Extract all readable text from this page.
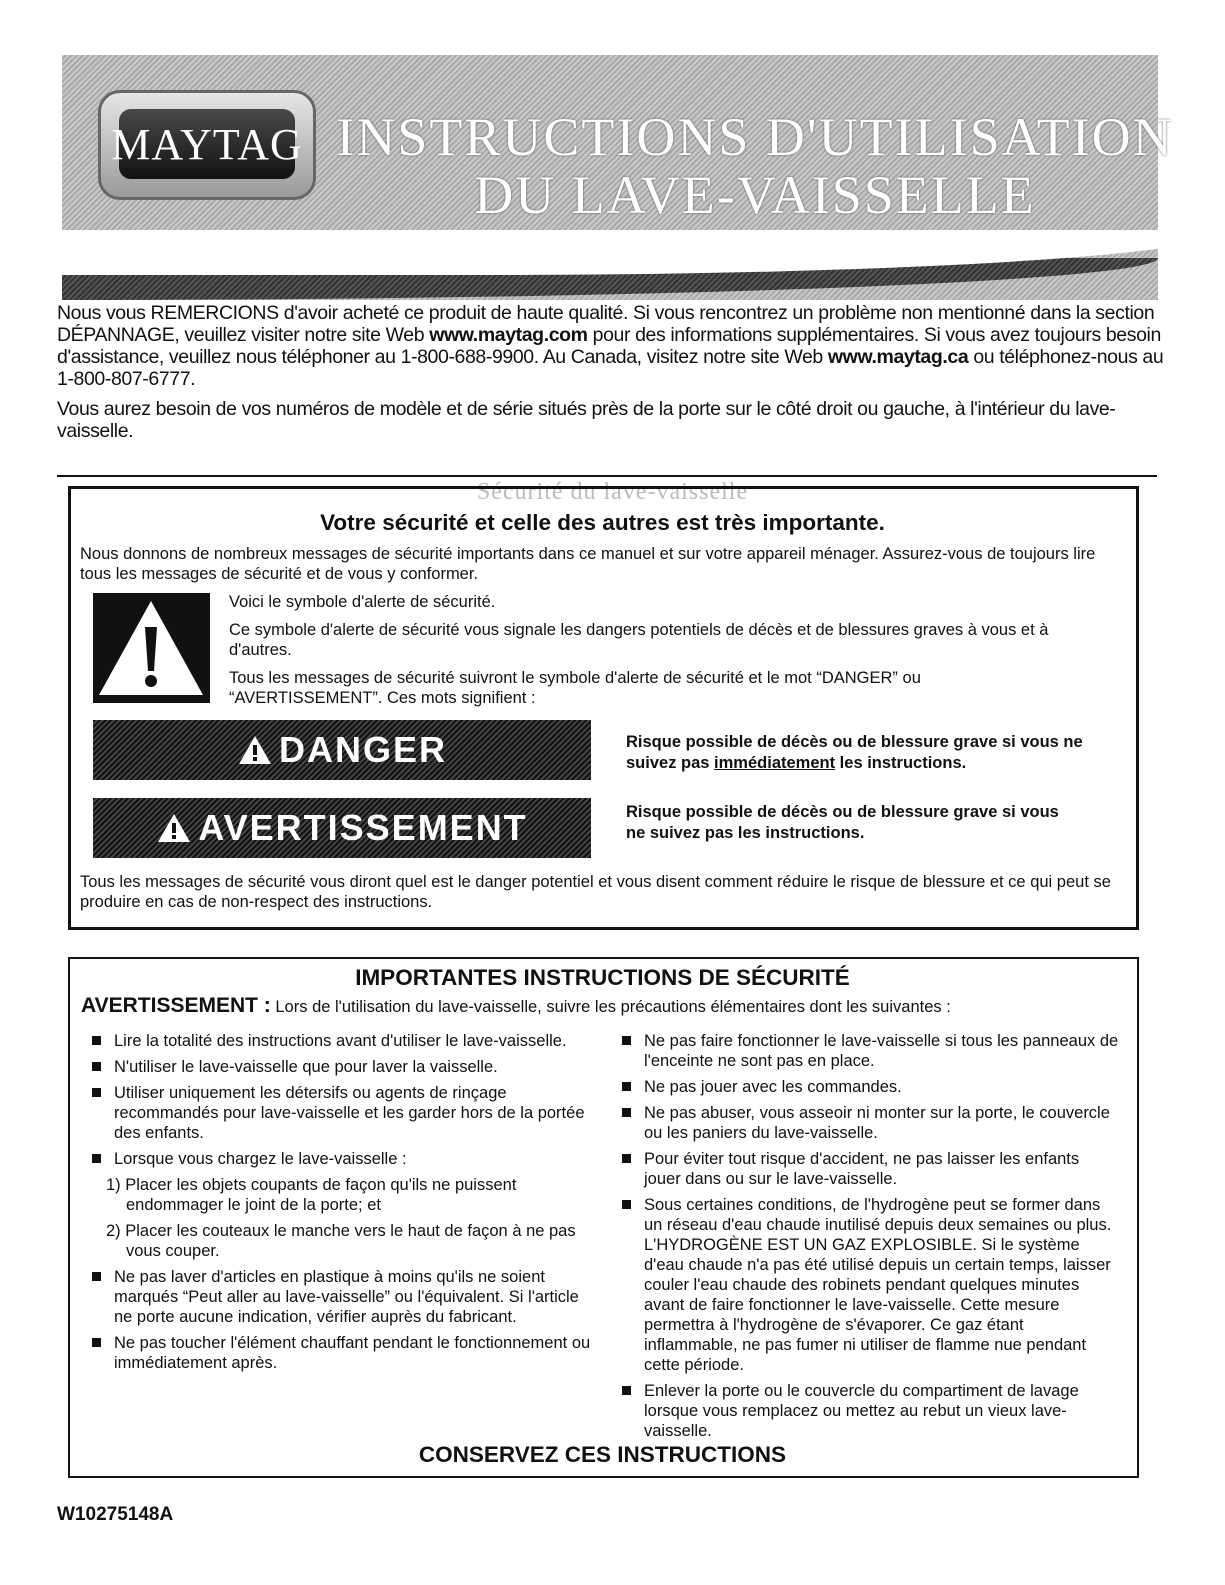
MAYTAG INSTRUCTIONS D'UTILISATION
DU LAVE-VAISSELLE

Nous vous REMERCIONS d'avoir acheté ce produit de haute qualité. Si vous rencontrez un problème non mentionné dans la section DÉPANNAGE, veuillez visiter notre site Web www.maytag.com pour des informations supplémentaires. Si vous avez toujours besoin d'assistance, veuillez nous téléphoner au 1-800-688-9900. Au Canada, visitez notre site Web www.maytag.ca ou téléphonez-nous au 1-800-807-6777.

Vous aurez besoin de vos numéros de modèle et de série situés près de la porte sur le côté droit ou gauche, à l'intérieur du lave-vaisselle.

Sécurité du lave-vaisselle
Votre sécurité et celle des autres est très importante.

Nous donnons de nombreux messages de sécurité importants dans ce manuel et sur votre appareil ménager. Assurez-vous de toujours lire tous les messages de sécurité et de vous y conformer.

Voici le symbole d'alerte de sécurité.

Ce symbole d'alerte de sécurité vous signale les dangers potentiels de décès et de blessures graves à vous et à d'autres.

Tous les messages de sécurité suivront le symbole d'alerte de sécurité et le mot “DANGER” ou “AVERTISSEMENT”. Ces mots signifient :

DANGER	Risque possible de décès ou de blessure grave si vous ne suivez pas immédiatement les instructions.

AVERTISSEMENT	Risque possible de décès ou de blessure grave si vous ne suivez pas les instructions.

Tous les messages de sécurité vous diront quel est le danger potentiel et vous disent comment réduire le risque de blessure et ce qui peut se produire en cas de non-respect des instructions.

IMPORTANTES INSTRUCTIONS DE SÉCURITÉ
AVERTISSEMENT : Lors de l'utilisation du lave-vaisselle, suivre les précautions élémentaires dont les suivantes :
Lire la totalité des instructions avant d'utiliser le lave-vaisselle.
N'utiliser le lave-vaisselle que pour laver la vaisselle.
Utiliser uniquement les détersifs ou agents de rinçage recommandés pour lave-vaisselle et les garder hors de la portée des enfants.
Lorsque vous chargez le lave-vaisselle :
1) Placer les objets coupants de façon qu'ils ne puissent endommager le joint de la porte; et
2) Placer les couteaux le manche vers le haut de façon à ne pas vous couper.
Ne pas laver d'articles en plastique à moins qu'ils ne soient marqués “Peut aller au lave-vaisselle” ou l'équivalent. Si l'article ne porte aucune indication, vérifier auprès du fabricant.
Ne pas toucher l'élément chauffant pendant le fonctionnement ou immédiatement après.
Ne pas faire fonctionner le lave-vaisselle si tous les panneaux de l'enceinte ne sont pas en place.
Ne pas jouer avec les commandes.
Ne pas abuser, vous asseoir ni monter sur la porte, le couvercle ou les paniers du lave-vaisselle.
Pour éviter tout risque d'accident, ne pas laisser les enfants jouer dans ou sur le lave-vaisselle.
Sous certaines conditions, de l'hydrogène peut se former dans un réseau d'eau chaude inutilisé depuis deux semaines ou plus. L'HYDROGÈNE EST UN GAZ EXPLOSIBLE. Si le système d'eau chaude n'a pas été utilisé depuis un certain temps, laisser couler l'eau chaude des robinets pendant quelques minutes avant de faire fonctionner le lave-vaisselle. Cette mesure permettra à l'hydrogène de s'évaporer. Ce gaz étant inflammable, ne pas fumer ni utiliser de flamme nue pendant cette période.
Enlever la porte ou le couvercle du compartiment de lavage lorsque vous remplacez ou mettez au rebut un vieux lave-vaisselle.
CONSERVEZ CES INSTRUCTIONS
W10275148A
